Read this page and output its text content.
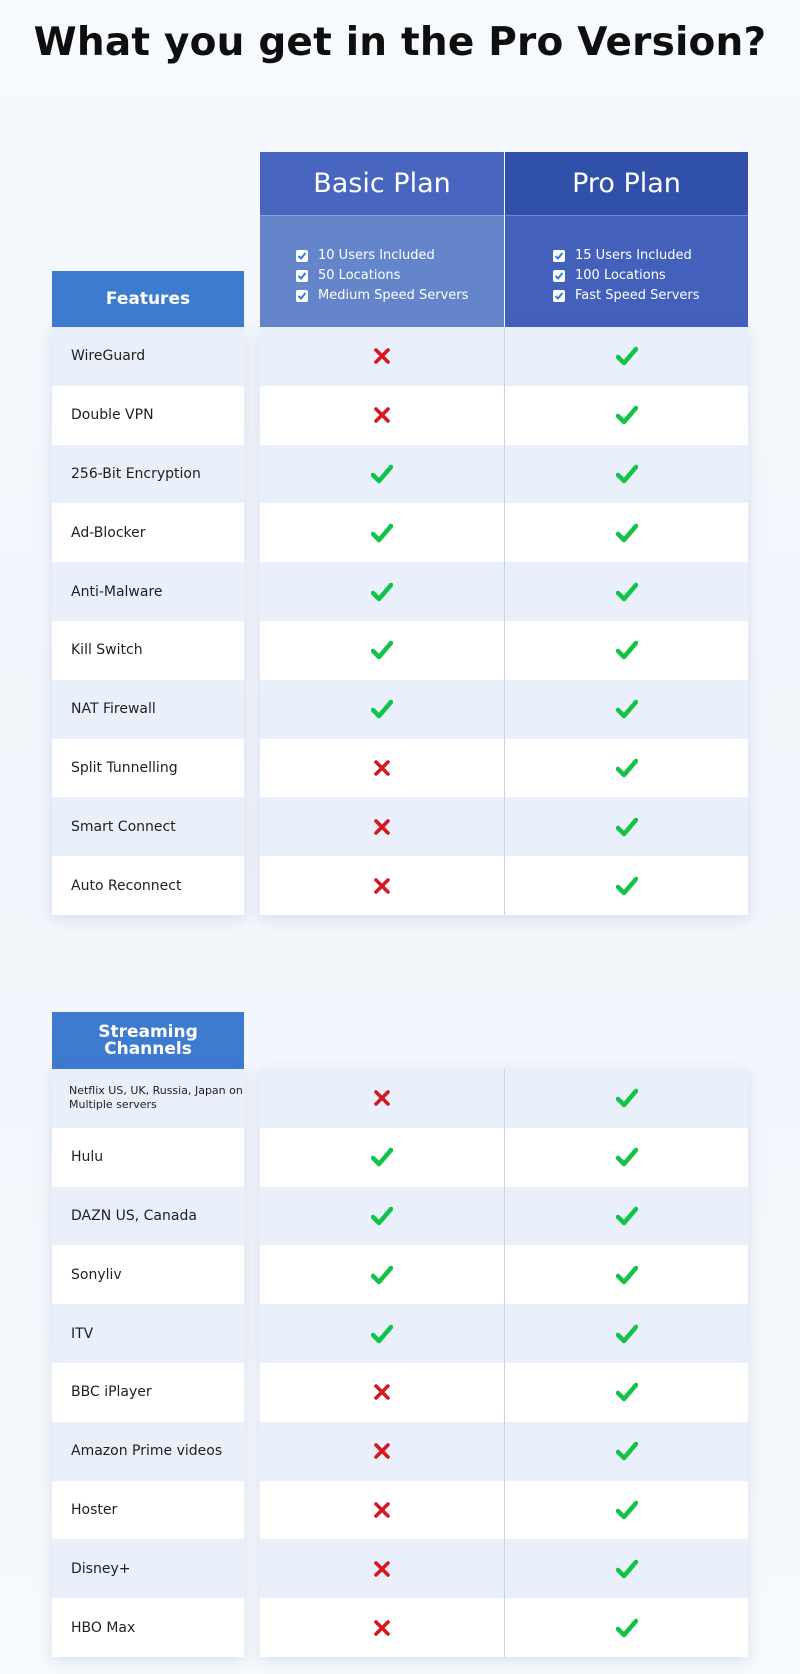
What you get in the Pro Version?
Basic Plan
10 Users Included
50 Locations
Medium Speed Servers
Pro Plan
15 Users Included
100 Locations
Fast Speed Servers
Features
WireGuard
Double VPN
256-Bit Encryption
Ad-Blocker
Anti-Malware
Kill Switch
NAT Firewall
Split Tunnelling
Smart Connect
Auto Reconnect
Streaming Channels
Netflix US, UK, Russia, Japan on Multiple servers
Hulu
DAZN US, Canada
Sonyliv
ITV
BBC iPlayer
Amazon Prime videos
Hoster
Disney+
HBO Max
